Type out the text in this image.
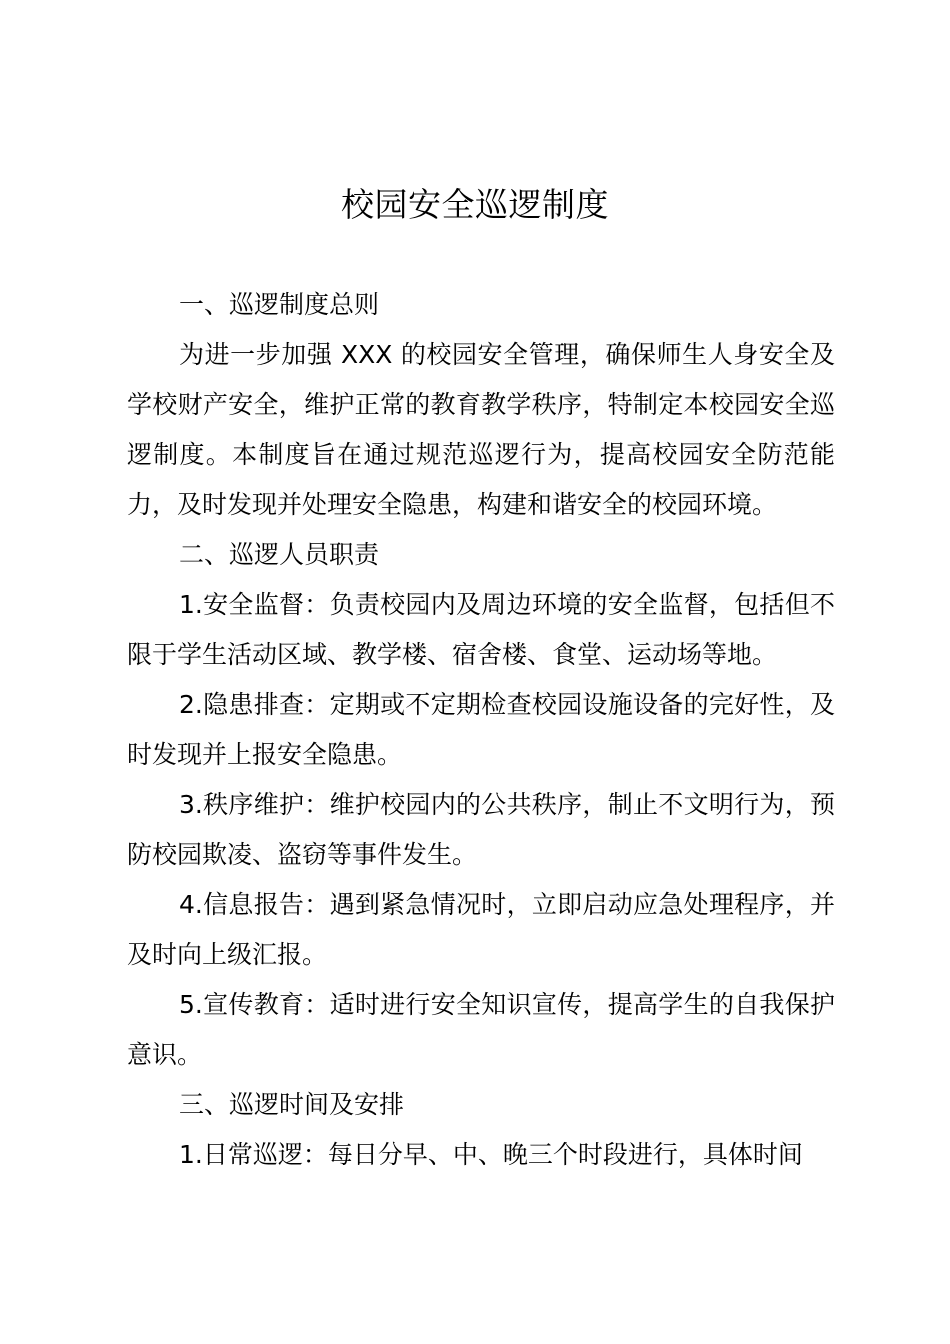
校园安全巡逻制度
一、巡逻制度总则

为进一步加强 XXX 的校园安全管理，确保师生人身安全及学校财产安全，维护正常的教育教学秩序，特制定本校园安全巡逻制度。本制度旨在通过规范巡逻行为，提高校园安全防范能力，及时发现并处理安全隐患，构建和谐安全的校园环境。

二、巡逻人员职责

1.安全监督：负责校园内及周边环境的安全监督，包括但不限于学生活动区域、教学楼、宿舍楼、食堂、运动场等地。

2.隐患排查：定期或不定期检查校园设施设备的完好性，及时发现并上报安全隐患。

3.秩序维护：维护校园内的公共秩序，制止不文明行为，预防校园欺凌、盗窃等事件发生。

4.信息报告：遇到紧急情况时，立即启动应急处理程序，并及时向上级汇报。

5.宣传教育：适时进行安全知识宣传，提高学生的自我保护意识。

三、巡逻时间及安排

1.日常巡逻：每日分早、中、晚三个时段进行，具体时间
